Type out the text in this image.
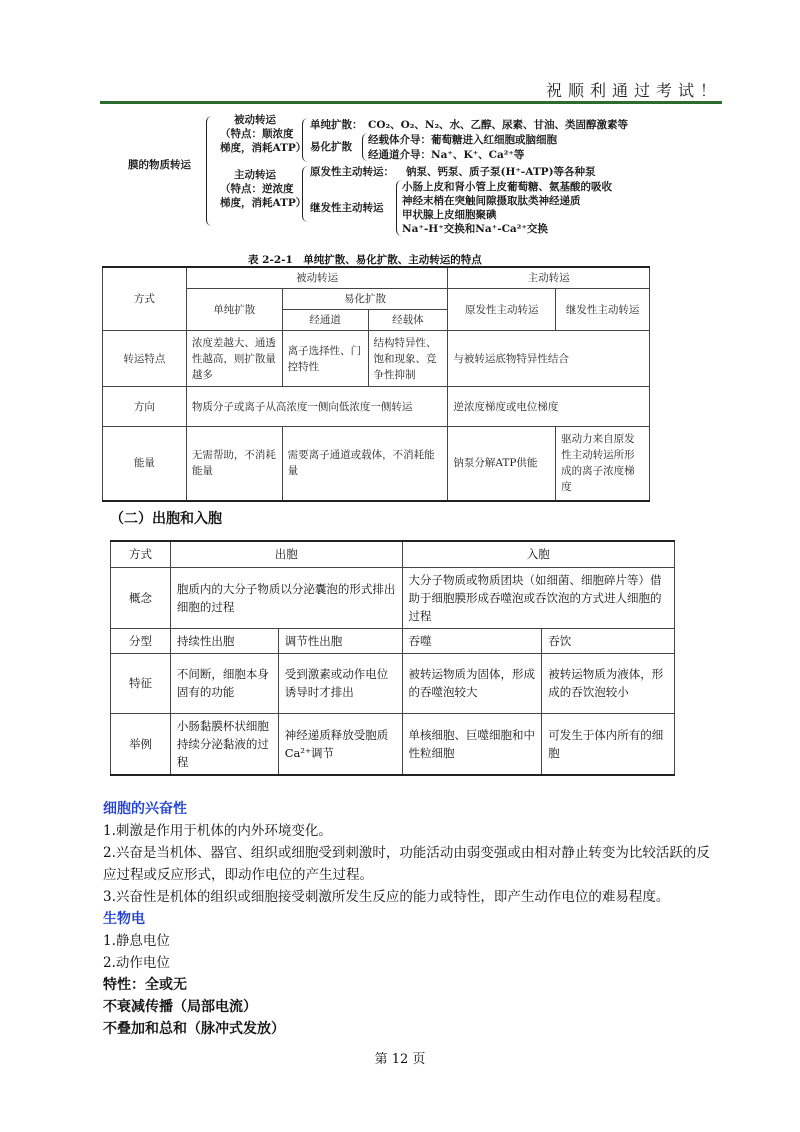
祝顺利通过考试！
膜的物质转运
被动转运
（特点：顺浓度
梯度，消耗ATP）
单纯扩散： CO₂、O₂、N₂、水、乙醇、尿素、甘油、类固醇激素等
易化扩散
经载体介导：葡萄糖进入红细胞或脑细胞
经通道介导：Na⁺、K⁺、Ca²⁺等
主动转运
（特点：逆浓度
梯度，消耗ATP）
原发性主动转运： 钠泵、钙泵、质子泵(H⁺-ATP)等各种泵
继发性主动转运
小肠上皮和肾小管上皮葡萄糖、氨基酸的吸收
神经末梢在突触间隙摄取肽类神经递质
甲状腺上皮细胞聚碘
Na⁺-H⁺交换和Na⁺-Ca²⁺交换
表 2-2-1　单纯扩散、易化扩散、主动转运的特点
方式	被动转运			主动转运	
	单纯扩散	易化扩散		原发性主动转运	继发性主动转运
		经通道	经载体		
转运特点	浓度差越大、通透性越高，则扩散量越多	离子选择性、门控特性	结构特异性、饱和现象、竞争性抑制	与被转运底物特异性结合	
方向	物质分子或离子从高浓度一侧向低浓度一侧转运			逆浓度梯度或电位梯度	
能量	无需帮助，不消耗能量	需要离子通道或载体，不消耗能量		钠泵分解ATP供能	驱动力来自原发性主动转运所形成的离子浓度梯度
（二）出胞和入胞
方式	出胞		入胞	
概念	胞质内的大分子物质以分泌囊泡的形式排出细胞的过程		大分子物质或物质团块（如细菌、细胞碎片等）借助于细胞膜形成吞噬泡或吞饮泡的方式进人细胞的过程	
分型	持续性出胞	调节性出胞	吞噬	吞饮
特征	不间断，细胞本身固有的功能	受到激素或动作电位诱导时才排出	被转运物质为固体，形成的吞噬泡较大	被转运物质为液体，形成的吞饮泡较小
举例	小肠黏膜杯状细胞持续分泌黏液的过程	神经递质释放受胞质Ca²⁺调节	单核细胞、巨噬细胞和中性粒细胞	可发生于体内所有的细胞
细胞的兴奋性
1.刺激是作用于机体的内外环境变化。
2.兴奋是当机体、器官、组织或细胞受到刺激时，功能活动由弱变强或由相对静止转变为比较活跃的反应过程或反应形式，即动作电位的产生过程。
3.兴奋性是机体的组织或细胞接受刺激所发生反应的能力或特性，即产生动作电位的难易程度。
生物电
1.静息电位
2.动作电位
特性：全或无
不衰减传播（局部电流）
不叠加和总和（脉冲式发放）
第 12 页
